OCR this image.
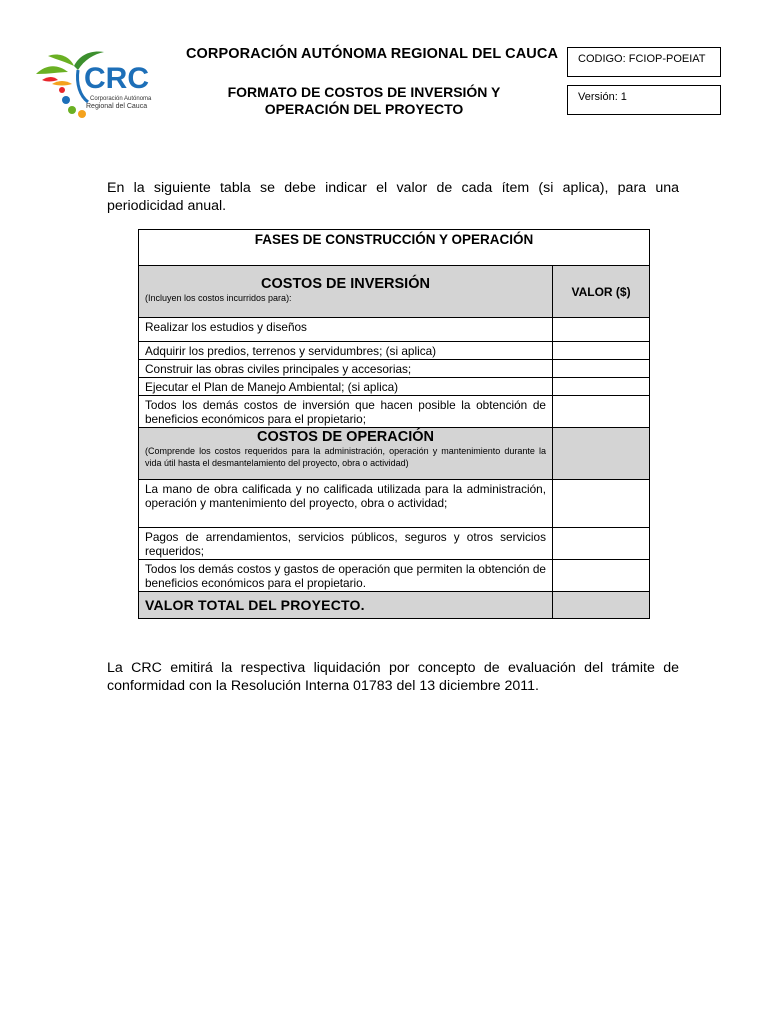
CRC
Corporación Autónoma
Regional del Cauca
CORPORACIÓN AUTÓNOMA REGIONAL DEL CAUCA
FORMATO DE COSTOS DE INVERSIÓN Y
OPERACIÓN DEL PROYECTO
CODIGO: FCIOP-POEIAT
Versión: 1
En la siguiente tabla se debe indicar el valor de cada ítem (si aplica), para una periodicidad anual.
FASES DE CONSTRUCCIÓN Y OPERACIÓN	

COSTOS DE INVERSIÓN
(Incluyen los costos incurridos para):	VALOR ($)
Realizar los estudios y diseños	
Adquirir los predios, terrenos y servidumbres; (si aplica)	
Construir las obras civiles principales y accesorias;	
Ejecutar el Plan de Manejo Ambiental; (si aplica)	
Todos los demás costos de inversión que hacen posible la obtención de beneficios económicos para el propietario;	

COSTOS DE OPERACIÓN
(Comprende los costos requeridos para la administración, operación y mantenimiento durante la vida útil hasta el desmantelamiento del proyecto, obra o actividad)	

La mano de obra calificada y no calificada utilizada para la administración, operación y mantenimiento del proyecto, obra o actividad;	
Pagos de arrendamientos, servicios públicos, seguros y otros servicios requeridos;	
Todos los demás costos y gastos de operación que permiten la obtención de beneficios económicos para el propietario.	
VALOR TOTAL DEL PROYECTO.	
La CRC emitirá la respectiva liquidación por concepto de evaluación del trámite de conformidad con la Resolución Interna 01783 del 13 diciembre 2011.
